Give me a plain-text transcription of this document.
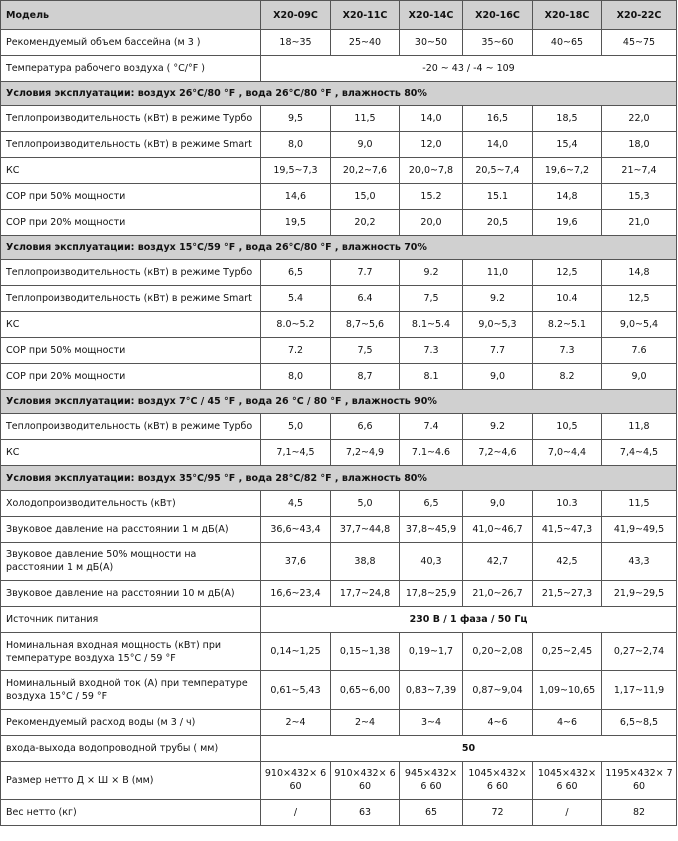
Модель	X20-09C	X20-11C	X20-14C	X20-16C	X20-18C	X20-22C
Рекомендуемый объем бассейна (м 3 )	18~35	25~40	30~50	35~60	40~65	45~75
Температура рабочего воздуха ( °C/°F )	-20 ~ 43 / -4 ~ 109					
Условия эксплуатации: воздух 26°C/80 °F , вода 26°C/80 °F , влажность 80%						
Теплопроизводительность (кВт) в режиме Турбо	9,5	11,5	14,0	16,5	18,5	22,0
Теплопроизводительность (кВт) в режиме Smart	8,0	9,0	12,0	14,0	15,4	18,0
КС	19,5~7,3	20,2~7,6	20,0~7,8	20,5~7,4	19,6~7,2	21~7,4
COP при 50% мощности	14,6	15,0	15.2	15.1	14,8	15,3
COP при 20% мощности	19,5	20,2	20,0	20,5	19,6	21,0
Условия эксплуатации: воздух 15°C/59 °F , вода 26°C/80 °F , влажность 70%						
Теплопроизводительность (кВт) в режиме Турбо	6,5	7.7	9.2	11,0	12,5	14,8
Теплопроизводительность (кВт) в режиме Smart	5.4	6.4	7,5	9.2	10.4	12,5
КС	8.0~5.2	8,7~5,6	8.1~5.4	9,0~5,3	8.2~5.1	9,0~5,4
COP при 50% мощности	7.2	7,5	7.3	7.7	7.3	7.6
COP при 20% мощности	8,0	8,7	8.1	9,0	8.2	9,0
Условия эксплуатации: воздух 7°C / 45 °F , вода 26 °C / 80 °F , влажность 90%						
Теплопроизводительность (кВт) в режиме Турбо	5,0	6,6	7.4	9.2	10,5	11,8
КС	7,1~4,5	7,2~4,9	7.1~4.6	7,2~4,6	7,0~4,4	7,4~4,5
Условия эксплуатации: воздух 35°C/95 °F , вода 28°C/82 °F , влажность 80%						
Холодопроизводительность (кВт)	4,5	5,0	6,5	9,0	10.3	11,5
Звуковое давление на расстоянии 1 м дБ(А)	36,6~43,4	37,7~44,8	37,8~45,9	41,0~46,7	41,5~47,3	41,9~49,5
Звуковое давление 50% мощности на расстоянии 1 м дБ(А)	37,6	38,8	40,3	42,7	42,5	43,3
Звуковое давление на расстоянии 10 м дБ(А)	16,6~23,4	17,7~24,8	17,8~25,9	21,0~26,7	21,5~27,3	21,9~29,5
Источник питания	230 В / 1 фаза / 50 Гц					
Номинальная входная мощность (кВт) при температуре воздуха 15°C / 59 °F	0,14~1,25	0,15~1,38	0,19~1,7	0,20~2,08	0,25~2,45	0,27~2,74
Номинальный входной ток (А) при температуре воздуха 15°C / 59 °F	0,61~5,43	0,65~6,00	0,83~7,39	0,87~9,04	1,09~10,65	1,17~11,9
Рекомендуемый расход воды (м 3 / ч)	2~4	2~4	3~4	4~6	4~6	6,5~8,5
входа-выхода водопроводной трубы ( мм)	50					
Размер нетто Д × Ш × В (мм)	910×432× 6 60	910×432× 6 60	945×432× 6 60	1045×432× 6 60	1045×432× 6 60	1195×432× 7 60
Вес нетто (кг)	/	63	65	72	/	82
